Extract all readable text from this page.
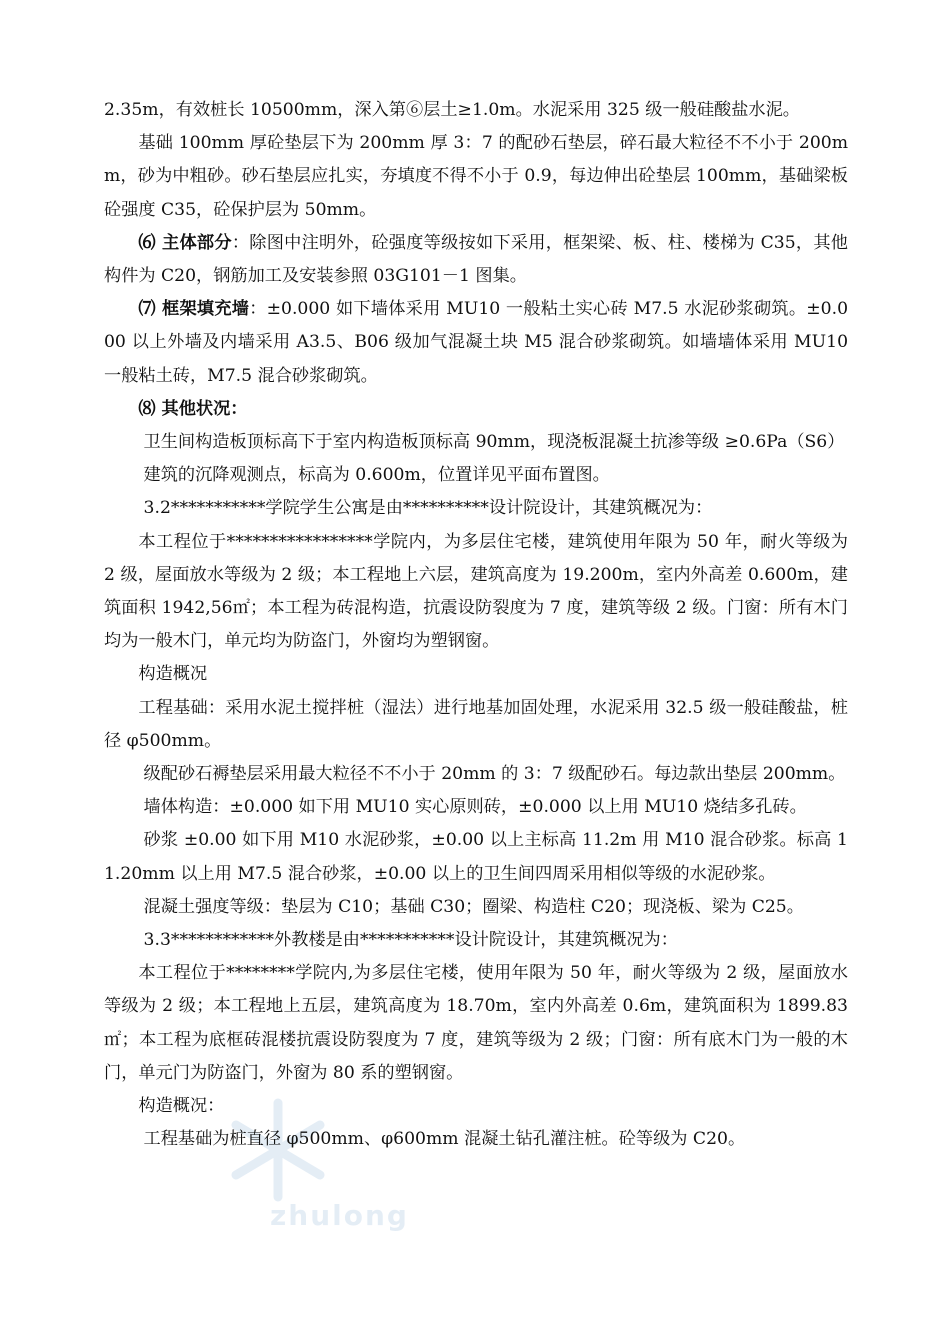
zhulong

2.35m，有效桩长 10500mm，深入第⑥层土≥1.0m。水泥采用 325 级一般硅酸盐水泥。

基础 100mm 厚砼垫层下为 200mm 厚 3：7 的配砂石垫层，碎石最大粒径不不小于 200mm，砂为中粗砂。砂石垫层应扎实，夯填度不得不小于 0.9，每边伸出砼垫层 100mm，基础梁板砼强度 C35，砼保护层为 50mm。

⑹ 主体部分：除图中注明外，砼强度等级按如下采用，框架梁、板、柱、楼梯为 C35，其他构件为 C20，钢筋加工及安装参照 03G101－1 图集。

⑺ 框架填充墙：±0.000 如下墙体采用 MU10 一般粘土实心砖 M7.5 水泥砂浆砌筑。±0.000 以上外墙及内墙采用 A3.5、B06 级加气混凝土块 M5 混合砂浆砌筑。如墙墙体采用 MU10 一般粘土砖，M7.5 混合砂浆砌筑。

⑻ 其他状况：

卫生间构造板顶标高下于室内构造板顶标高 90mm，现浇板混凝土抗渗等级 ≥0.6Pa（S6）

建筑的沉降观测点，标高为 0.600m，位置详见平面布置图。

3.2***********学院学生公寓是由**********设计院设计，其建筑概况为：

本工程位于*****************学院内，为多层住宅楼，建筑使用年限为 50 年，耐火等级为 2 级，屋面放水等级为 2 级；本工程地上六层，建筑高度为 19.200m，室内外高差 0.600m，建筑面积 1942,56㎡；本工程为砖混构造，抗震设防裂度为 7 度，建筑等级 2 级。门窗：所有木门均为一般木门，单元均为防盗门，外窗均为塑钢窗。

构造概况

工程基础：采用水泥土搅拌桩（湿法）进行地基加固处理，水泥采用 32.5 级一般硅酸盐，桩径 φ500mm。

级配砂石褥垫层采用最大粒径不不小于 20mm 的 3：7 级配砂石。每边款出垫层 200mm。

墙体构造：±0.000 如下用 MU10 实心原则砖，±0.000 以上用 MU10 烧结多孔砖。

砂浆 ±0.00 如下用 M10 水泥砂浆，±0.00 以上主标高 11.2m 用 M10 混合砂浆。标高 11.20mm 以上用 M7.5 混合砂浆，±0.00 以上的卫生间四周采用相似等级的水泥砂浆。

混凝土强度等级：垫层为 C10；基础 C30；圈梁、构造柱 C20；现浇板、梁为 C25。

3.3************外教楼是由***********设计院设计，其建筑概况为：

本工程位于********学院内,为多层住宅楼，使用年限为 50 年，耐火等级为 2 级，屋面放水等级为 2 级；本工程地上五层，建筑高度为 18.70m，室内外高差 0.6m，建筑面积为 1899.83㎡；本工程为底框砖混楼抗震设防裂度为 7 度，建筑等级为 2 级；门窗：所有底木门为一般的木门，单元门为防盗门，外窗为 80 系的塑钢窗。

构造概况：

工程基础为桩直径 φ500mm、φ600mm 混凝土钻孔灌注桩。砼等级为 C20。
